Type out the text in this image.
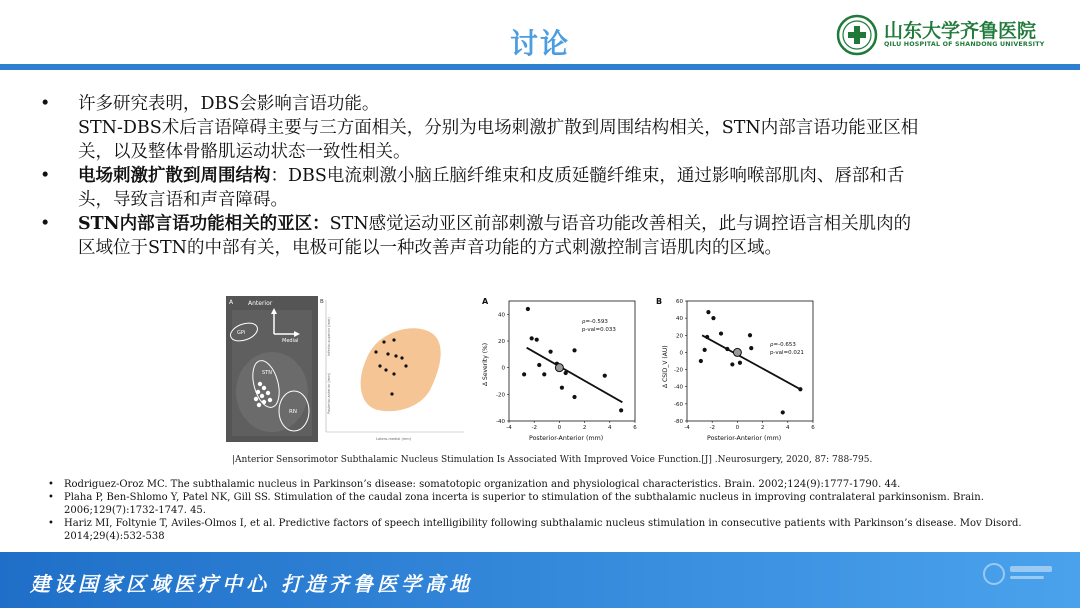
讨论	山东大学齐鲁医院
QILU HOSPITAL OF SHANDONG UNIVERSITY
• 许多研究表明，DBS会影响言语功能。
STN-DBS术后言语障碍主要与三方面相关，分别为电场刺激扩散到周围结构相关，STN内部言语功能亚区相
关，以及整体骨骼肌运动状态一致性相关。
• 电场刺激扩散到周围结构：DBS电流刺激小脑丘脑纤维束和皮质延髓纤维束，通过影响喉部肌肉、唇部和舌
头，导致言语和声音障碍。
• STN内部言语功能相关的亚区：STN感觉运动亚区前部刺激与语音功能改善相关，此与调控语言相关肌肉的
区域位于STN的中部有关，电极可能以一种改善声音功能的方式刺激控制言语肌肉的区域。
A Anterior
Medial
GPi
STN
RN
B
Inferior-superior (mm)
Posterior-anterior (mm)
Latero-medial (mm)
A
-4	-2	0	2	4	6
-40
-20
0
20
40
Posterior-Anterior (mm)
Δ Severity (%)
ρ=-0.593
p-val=0.033
B
-4	-2	0	2	4	6
-80
-60
-40
-20
0
20
40
60
Posterior-Anterior (mm)
Δ CSID_V (AU)
ρ=-0.653
p-val=0.021
|Anterior Sensorimotor Subthalamic Nucleus Stimulation Is Associated With Improved Voice Function.[J] .Neurosurgery, 2020, 87: 788-795.
• Rodriguez-Oroz MC. The subthalamic nucleus in Parkinson’s disease: somatotopic organization and physiological characteristics. Brain. 2002;124(9):1777-1790. 44.
• Plaha P, Ben-Shlomo Y, Patel NK, Gill SS. Stimulation of the caudal zona incerta is superior to stimulation of the subthalamic nucleus in improving contralateral parkinsonism. Brain.
2006;129(7):1732-1747. 45.
• Hariz MI, Foltynie T, Aviles-Olmos I, et al. Predictive factors of speech intelligibility following subthalamic nucleus stimulation in consecutive patients with Parkinson’s disease. Mov Disord.
2014;29(4):532-538
建设国家区域医疗中心 打造齐鲁医学高地
